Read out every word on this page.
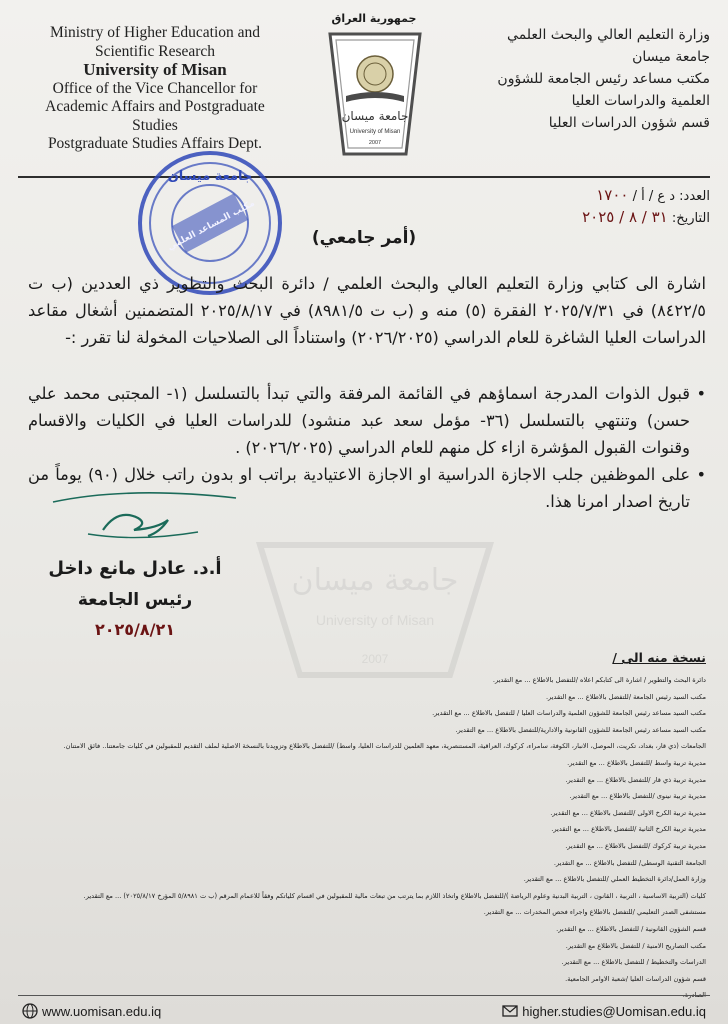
جامعة ميسان
University of Misan
2007
Ministry of Higher Education and
Scientific Research
University of Misan
Office of the Vice Chancellor for
Academic Affairs and Postgraduate
Studies
Postgraduate Studies Affairs Dept.
جمهورية العراق
جامعة ميسان
University of Misan
2007
وزارة التعليم العالي والبحث العلمي
جامعة ميسان
مكتب مساعد رئيس الجامعة للشؤون
العلمية والدراسات العليا
قسم شؤون الدراسات العليا
جامعة ميسان
مكتب المساعد العلمي
العدد: د ع / أ / ١٧٠٠
التاريخ: ٣١ / ٨ / ٢٠٢٥
(أمر جامعي)

اشارة الى كتابي وزارة التعليم العالي والبحث العلمي / دائرة البحث والتطوير ذي العددين (ب ت ٨٤٢٢/٥) في ٢٠٢٥/٧/٣١ الفقرة (٥) منه و (ب ت ٨٩٨١/٥) في ٢٠٢٥/٨/١٧ المتضمنين أشغال مقاعد الدراسات العليا الشاغرة للعام الدراسي (٢٠٢٦/٢٠٢٥) واستناداً الى الصلاحيات المخولة لنا تقرر :-

•
قبول الذوات المدرجة اسماؤهم في القائمة المرفقة والتي تبدأ بالتسلسل (١- المجتبى محمد علي حسن) وتنتهي بالتسلسل (٣٦- مؤمل سعد عبد منشود) للدراسات العليا في الكليات والاقسام وقنوات القبول المؤشرة ازاء كل منهم للعام الدراسي (٢٠٢٦/٢٠٢٥) .
•
على الموظفين جلب الاجازة الدراسية او الاجازة الاعتيادية براتب او بدون راتب خلال (٩٠) يوماً من تاريخ اصدار امرنا هذا.
أ.د. عادل مانع داخل
رئيس الجامعة
٢٠٢٥/٨/٢١
نسخة منه الى /
دائرة البحث والتطوير / اشارة الى كتابكم اعلاه /للتفضل بالاطلاع ... مع التقدير.
مكتب السيد رئيس الجامعة /للتفضل بالاطلاع ... مع التقدير.
مكتب السيد مساعد رئيس الجامعة للشؤون العلمية والدراسات العليا / للتفضل بالاطلاع ... مع التقدير.
مكتب السيد مساعد رئيس الجامعة للشؤون القانونية والادارية/للتفضل بالاطلاع ... مع التقدير.
الجامعات (ذي قار، بغداد، تكريت، الموصل، الانبار، الكوفة، سامراء، كركوك، العراقية، المستنصرية، معهد العلمين للدراسات العليا، واسط) /للتفضل بالاطلاع وتزويدنا بالنسخة الاصلية لملف التقديم للمقبولين في كليات جامعتنا.. فائق الامتنان.
مديرية تربية واسط /للتفضل بالاطلاع ... مع التقدير.
مديرية تربية ذي قار /للتفضل بالاطلاع ... مع التقدير.
مديرية تربية نينوى /للتفضل بالاطلاع ... مع التقدير.
مديرية تربية الكرخ الاولى /للتفضل بالاطلاع ... مع التقدير.
مديرية تربية الكرخ الثانية /للتفضل بالاطلاع ... مع التقدير.
مديرية تربية كركوك /للتفضل بالاطلاع ... مع التقدير.
الجامعة التقنية الوسطى/ للتفضل بالاطلاع ... مع التقدير.
وزارة العمل/دائرة التخطيط العملي /للتفضل بالاطلاع ... مع التقدير.
كليات (التربية الاساسية ، التربية ، القانون ، التربية البدنية وعلوم الرياضة )/للتفضل بالاطلاع واتخاذ اللازم بما يترتب من تبعات مالية للمقبولين في اقسام كلياتكم وفقاً للاعمام المرقم (ب ت ٥/٨٩٨١ المؤرخ ٢٠٢٥/٨/١٧) ... مع التقدير.
مستشفى الصدر التعليمي /للتفضل بالاطلاع واجراء فحص المخدرات ... مع التقدير.
قسم الشؤون القانونية / للتفضل بالاطلاع ... مع التقدير.
مكتب التصاريح الامنية / للتفضل بالاطلاع مع التقدير.
الدراسات والتخطيط / للتفضل بالاطلاع ... مع التقدير.
قسم شؤون الدراسات العليا /شعبة الاوامر الجامعية.
www.uomisan.edu.iq	higher.studies@Uomisan.edu.iq
